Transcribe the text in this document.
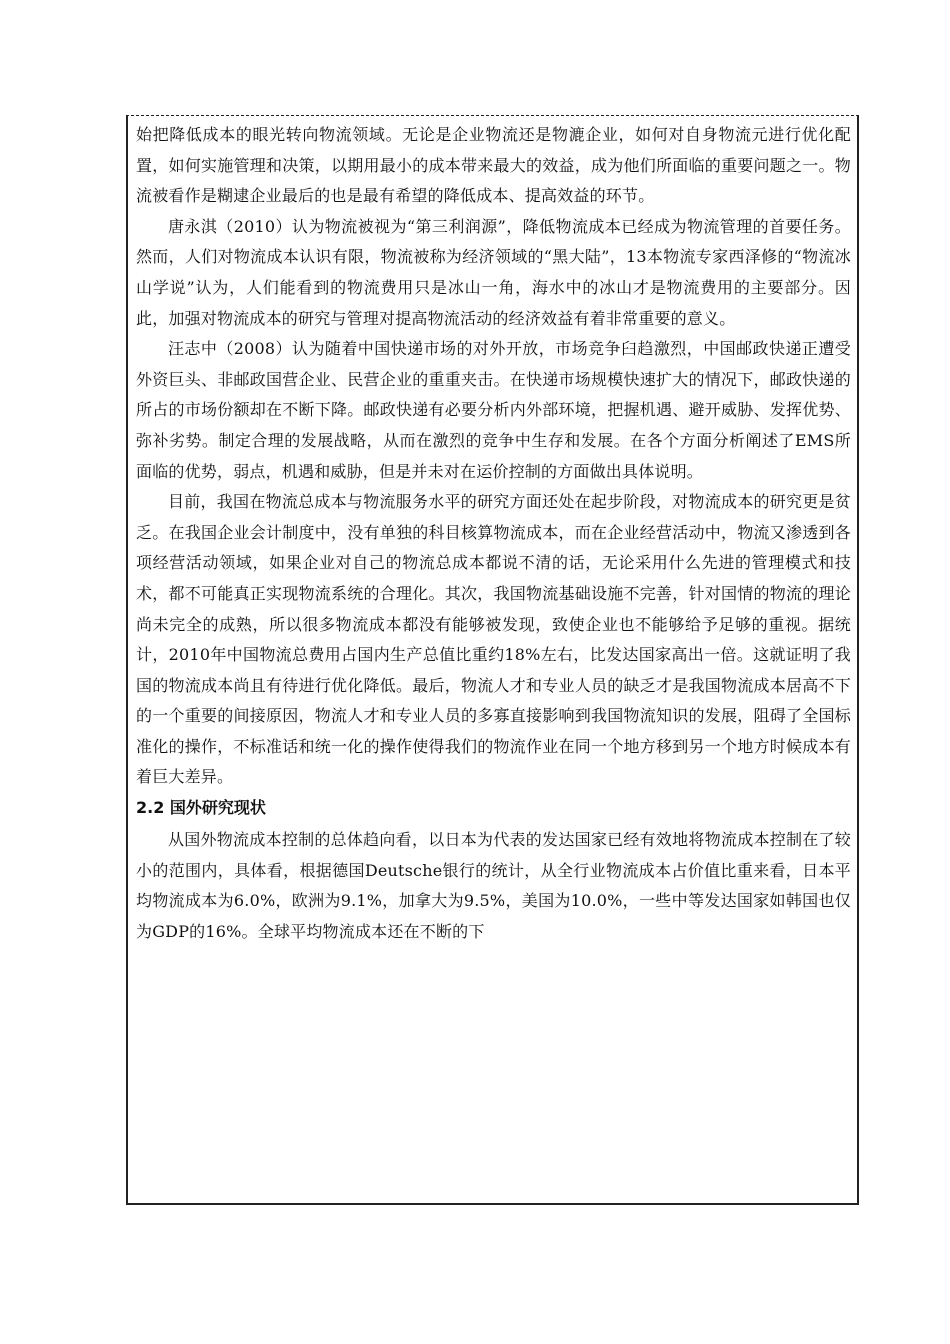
始把降低成本的眼光转向物流领域。无论是企业物流还是物漉企业，如何对自身物流元进行优化配置，如何实施管理和决策，以期用最小的成本带来最大的效益，成为他们所面临的重要问题之一。物流被看作是糊逮企业最后的也是最有希望的降低成本、提高效益的环节。

唐永淇（2010）认为物流被视为“第三利润源”，降低物流成本已经成为物流管理的首要任务。然而，人们对物流成本认识有限，物流被称为经济领域的“黑大陆”，13本物流专家西泽修的“物流冰山学说”认为，人们能看到的物流费用只是冰山一角，海水中的冰山才是物流费用的主要部分。因此，加强对物流成本的研究与管理对提高物流活动的经济效益有着非常重要的意义。

汪志中（2008）认为随着中国快递市场的对外开放，市场竞争臼趋激烈，中国邮政快递正遭受外资巨头、非邮政国营企业、民营企业的重重夹击。在快递市场规模快速扩大的情况下，邮政快递的所占的市场份额却在不断下降。邮政快递有必要分析内外部环境，把握机遇、避开威胁、发挥优势、弥补劣势。制定合理的发展战略，从而在激烈的竞争中生存和发展。在各个方面分析阐述了EMS所面临的优势，弱点，机遇和威胁，但是并未对在运价控制的方面做出具体说明。

目前，我国在物流总成本与物流服务水平的研究方面还处在起步阶段，对物流成本的研究更是贫乏。在我国企业会计制度中，没有单独的科目核算物流成本，而在企业经营活动中，物流又渗透到各项经营活动领域，如果企业对自己的物流总成本都说不清的话，无论采用什么先进的管理模式和技术，都不可能真正实现物流系统的合理化。其次，我国物流基础设施不完善，针对国情的物流的理论尚未完全的成熟，所以很多物流成本都没有能够被发现，致使企业也不能够给予足够的重视。据统计，2010年中国物流总费用占国内生产总值比重约18%左右，比发达国家高出一倍。这就证明了我国的物流成本尚且有待进行优化降低。最后，物流人才和专业人员的缺乏才是我国物流成本居高不下的一个重要的间接原因，物流人才和专业人员的多寡直接影响到我国物流知识的发展，阻碍了全国标准化的操作，不标准话和统一化的操作使得我们的物流作业在同一个地方移到另一个地方时候成本有着巨大差异。

2.2 国外研究现状

从国外物流成本控制的总体趋向看，以日本为代表的发达国家已经有效地将物流成本控制在了较小的范围内，具体看，根据德国Deutsche银行的统计，从全行业物流成本占价值比重来看，日本平均物流成本为6.0%，欧洲为9.1%，加拿大为9.5%，美国为10.0%，一些中等发达国家如韩国也仅为GDP的16%。全球平均物流成本还在不断的下
